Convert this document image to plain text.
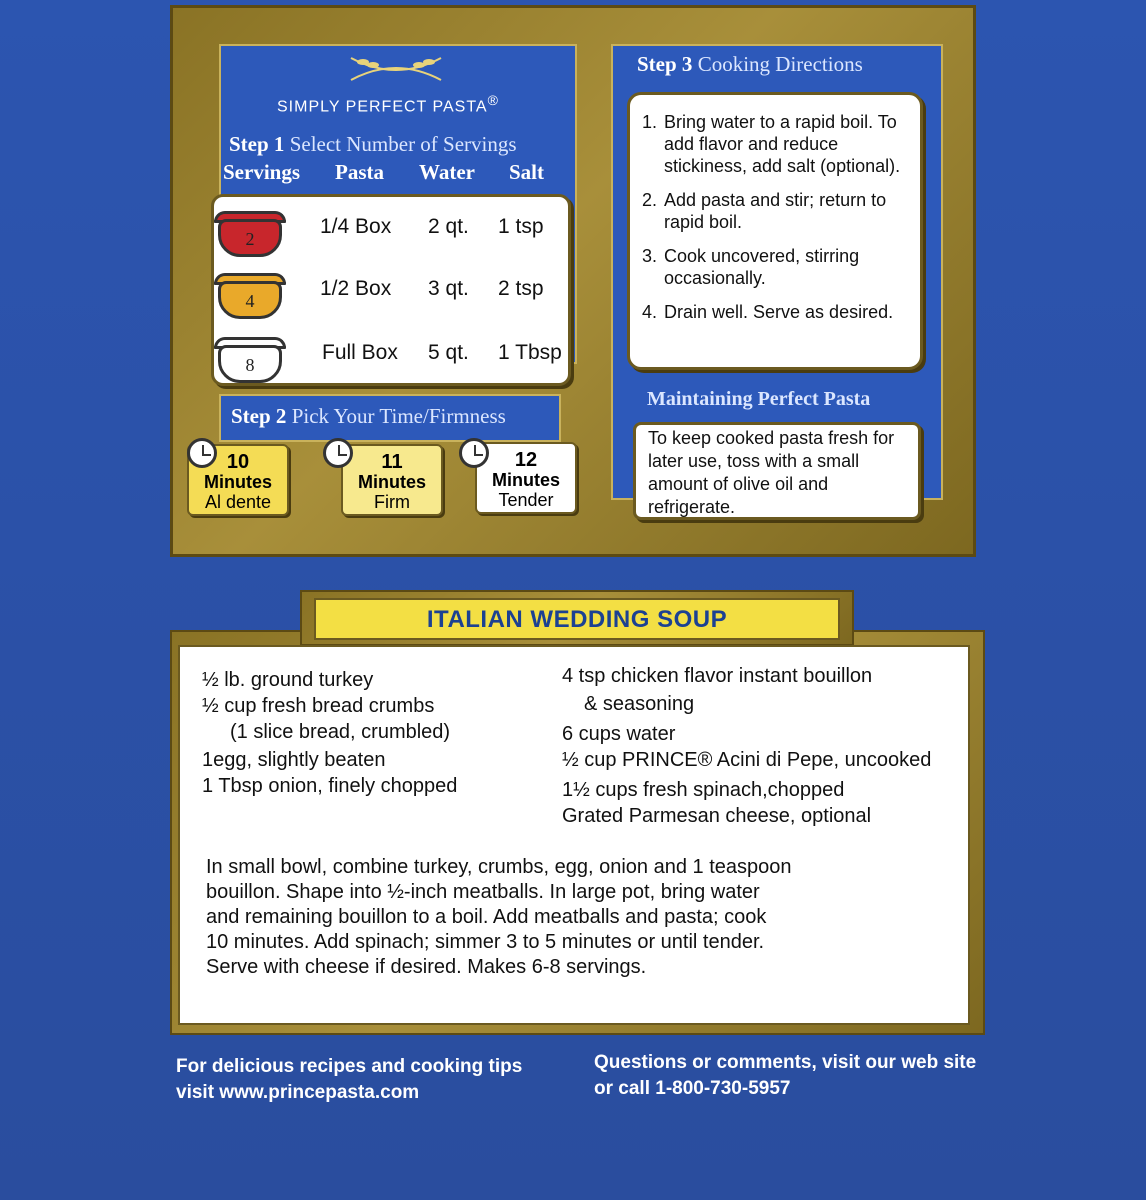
SIMPLY PERFECT PASTA®
Step 1 Select Number of Servings
Servings Pasta Water Salt
2
1/4 Box 2 qt. 1 tsp
4
1/2 Box 3 qt. 2 tsp
8
Full Box 5 qt. 1 Tbsp
Step 2 Pick Your Time/Firmness
10
Minutes
Al dente
11
Minutes
Firm
12
Minutes
Tender
Step 3 Cooking Directions
Maintaining Perfect Pasta
1. Bring water to a rapid boil. To add flavor and reduce stickiness, add salt (optional).
2. Add pasta and stir; return to rapid boil.
3. Cook uncovered, stirring occasionally.
4. Drain well. Serve as desired.
To keep cooked pasta fresh for later use, toss with a small amount of olive oil and refrigerate.
ITALIAN WEDDING SOUP
½ lb. ground turkey
½ cup fresh bread crumbs
(1 slice bread, crumbled)
1egg, slightly beaten
1 Tbsp onion, finely chopped
4 tsp chicken flavor instant bouillon
& seasoning
6 cups water
½ cup PRINCE® Acini di Pepe, uncooked
1½ cups fresh spinach,chopped
Grated Parmesan cheese, optional
In small bowl, combine turkey, crumbs, egg, onion and 1 teaspoon
bouillon. Shape into ½-inch meatballs. In large pot, bring water
and remaining bouillon to a boil. Add meatballs and pasta; cook
10 minutes. Add spinach; simmer 3 to 5 minutes or until tender.
Serve with cheese if desired. Makes 6-8 servings.
For delicious recipes and cooking tips
visit www.princepasta.com
Questions or comments, visit our web site
or call 1-800-730-5957
